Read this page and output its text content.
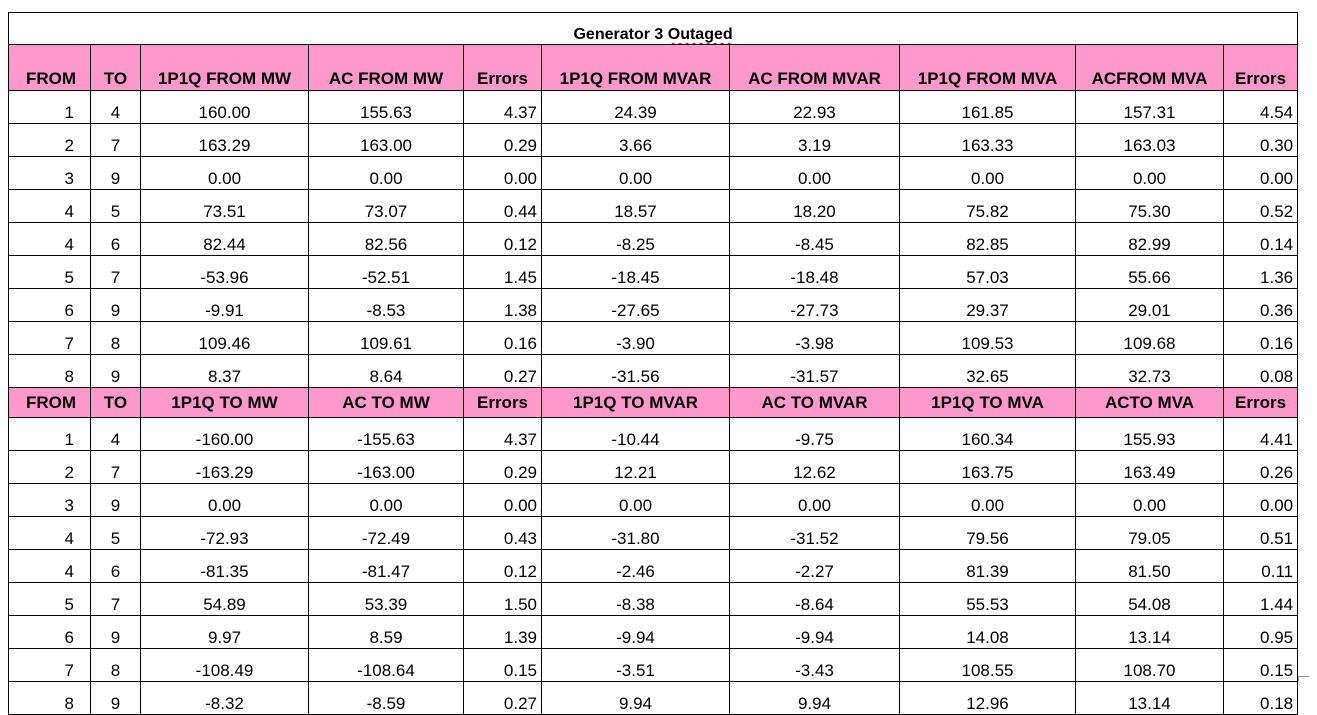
Generator 3 Outaged									
FROM	TO	1P1Q FROM MW	AC FROM MW	Errors	1P1Q FROM MVAR	AC FROM MVAR	1P1Q FROM MVA	ACFROM MVA	Errors
1	4	160.00	155.63	4.37	24.39	22.93	161.85	157.31	4.54
2	7	163.29	163.00	0.29	3.66	3.19	163.33	163.03	0.30
3	9	0.00	0.00	0.00	0.00	0.00	0.00	0.00	0.00
4	5	73.51	73.07	0.44	18.57	18.20	75.82	75.30	0.52
4	6	82.44	82.56	0.12	-8.25	-8.45	82.85	82.99	0.14
5	7	-53.96	-52.51	1.45	-18.45	-18.48	57.03	55.66	1.36
6	9	-9.91	-8.53	1.38	-27.65	-27.73	29.37	29.01	0.36
7	8	109.46	109.61	0.16	-3.90	-3.98	109.53	109.68	0.16
8	9	8.37	8.64	0.27	-31.56	-31.57	32.65	32.73	0.08
FROM	TO	1P1Q TO MW	AC TO MW	Errors	1P1Q TO MVAR	AC TO MVAR	1P1Q TO MVA	ACTO MVA	Errors
1	4	-160.00	-155.63	4.37	-10.44	-9.75	160.34	155.93	4.41
2	7	-163.29	-163.00	0.29	12.21	12.62	163.75	163.49	0.26
3	9	0.00	0.00	0.00	0.00	0.00	0.00	0.00	0.00
4	5	-72.93	-72.49	0.43	-31.80	-31.52	79.56	79.05	0.51
4	6	-81.35	-81.47	0.12	-2.46	-2.27	81.39	81.50	0.11
5	7	54.89	53.39	1.50	-8.38	-8.64	55.53	54.08	1.44
6	9	9.97	8.59	1.39	-9.94	-9.94	14.08	13.14	0.95
7	8	-108.49	-108.64	0.15	-3.51	-3.43	108.55	108.70	0.15
8	9	-8.32	-8.59	0.27	9.94	9.94	12.96	13.14	0.18
